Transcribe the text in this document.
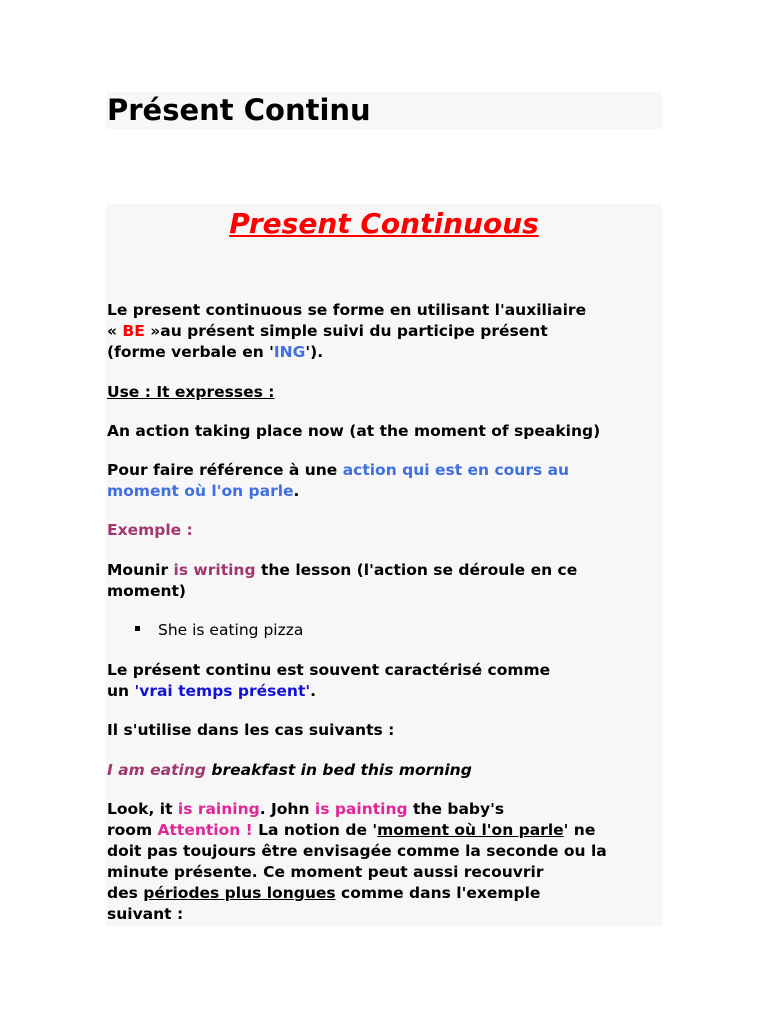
Présent Continu
Present Continuous
Le present continuous se forme en utilisant l'auxiliaire
« BE »au présent simple suivi du participe présent
(forme verbale en 'ING').
Use : It expresses :
An action taking place now (at the moment of speaking)
Pour faire référence à une action qui est en cours au
moment où l'on parle.
Exemple :
Mounir is writing the lesson (l'action se déroule en ce
moment)
She is eating pizza
Le présent continu est souvent caractérisé comme
un 'vrai temps présent'.
Il s'utilise dans les cas suivants :
I am eating breakfast in bed this morning
Look, it is raining. John is painting the baby's
room Attention ! La notion de 'moment où l'on parle' ne
doit pas toujours être envisagée comme la seconde ou la
minute présente. Ce moment peut aussi recouvrir
des périodes plus longues comme dans l'exemple
suivant :
